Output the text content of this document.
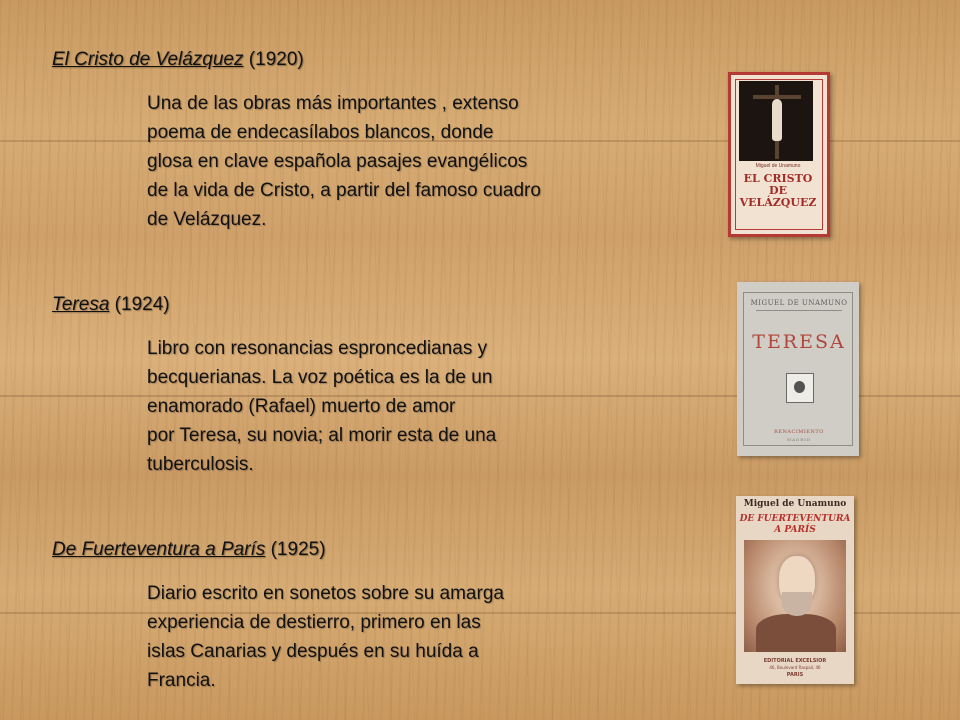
El Cristo de Velázquez (1920)
Una de las obras más importantes , extenso
poema de endecasílabos blancos, donde
glosa en clave española pasajes evangélicos
de la vida de Cristo, a partir del famoso cuadro
de Velázquez.
Teresa (1924)
Libro con resonancias esproncedianas y
becquerianas. La voz poética es la de un
enamorado (Rafael) muerto de amor
por Teresa, su novia; al morir esta de una
tuberculosis.
De Fuerteventura a París (1925)
Diario escrito en sonetos sobre su amarga
experiencia de destierro, primero en las
islas Canarias y después en su huída a
Francia.
Miguel de Unamuno
EL CRISTO
DE VELÁZQUEZ
MIGUEL DE UNAMUNO
TERESA
RENACIMIENTO
MADRID
Miguel de Unamuno
DE FUERTEVENTURA
A PARÍS
EDITORIAL EXCELSIOR
46, Boulevard Raspail, 46
PARIS
